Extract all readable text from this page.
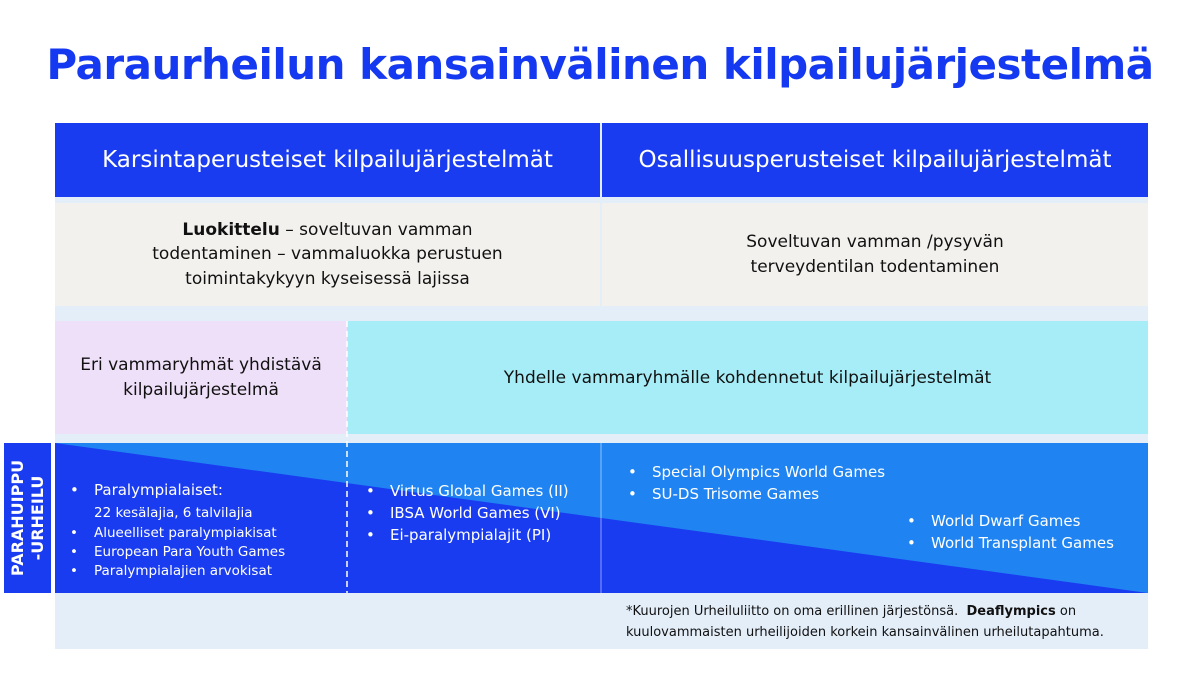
Paraurheilun kansainvälinen kilpailujärjestelmä
Karsintaperusteiset kilpailujärjestelmät	Osallisuusperusteiset kilpailujärjestelmät
Luokittelu – soveltuvan vamman todentaminen – vammaluokka perustuen toimintakykyyn kyseisessä lajissa
Soveltuvan vamman /pysyvän terveydentilan todentaminen
Eri vammaryhmät yhdistävä kilpailujärjestelmä
Yhdelle vammaryhmälle kohdennetut kilpailujärjestelmät
PARAHUIPPU -URHEILU
•	Paralympialaiset:
22 kesälajia, 6 talvilajia
• Alueelliset paralympiakisat
• European Para Youth Games
• Paralympialajien arvokisat
• Virtus Global Games (II)
• IBSA World Games (VI)
• Ei-paralympialajit (PI)
• Special Olympics World Games
• SU-DS Trisome Games
• World Dwarf Games
• World Transplant Games
*Kuurojen Urheiluliitto on oma erillinen järjestönsä. Deaflympics on kuulovammaisten urheilijoiden korkein kansainvälinen urheilutapahtuma.
